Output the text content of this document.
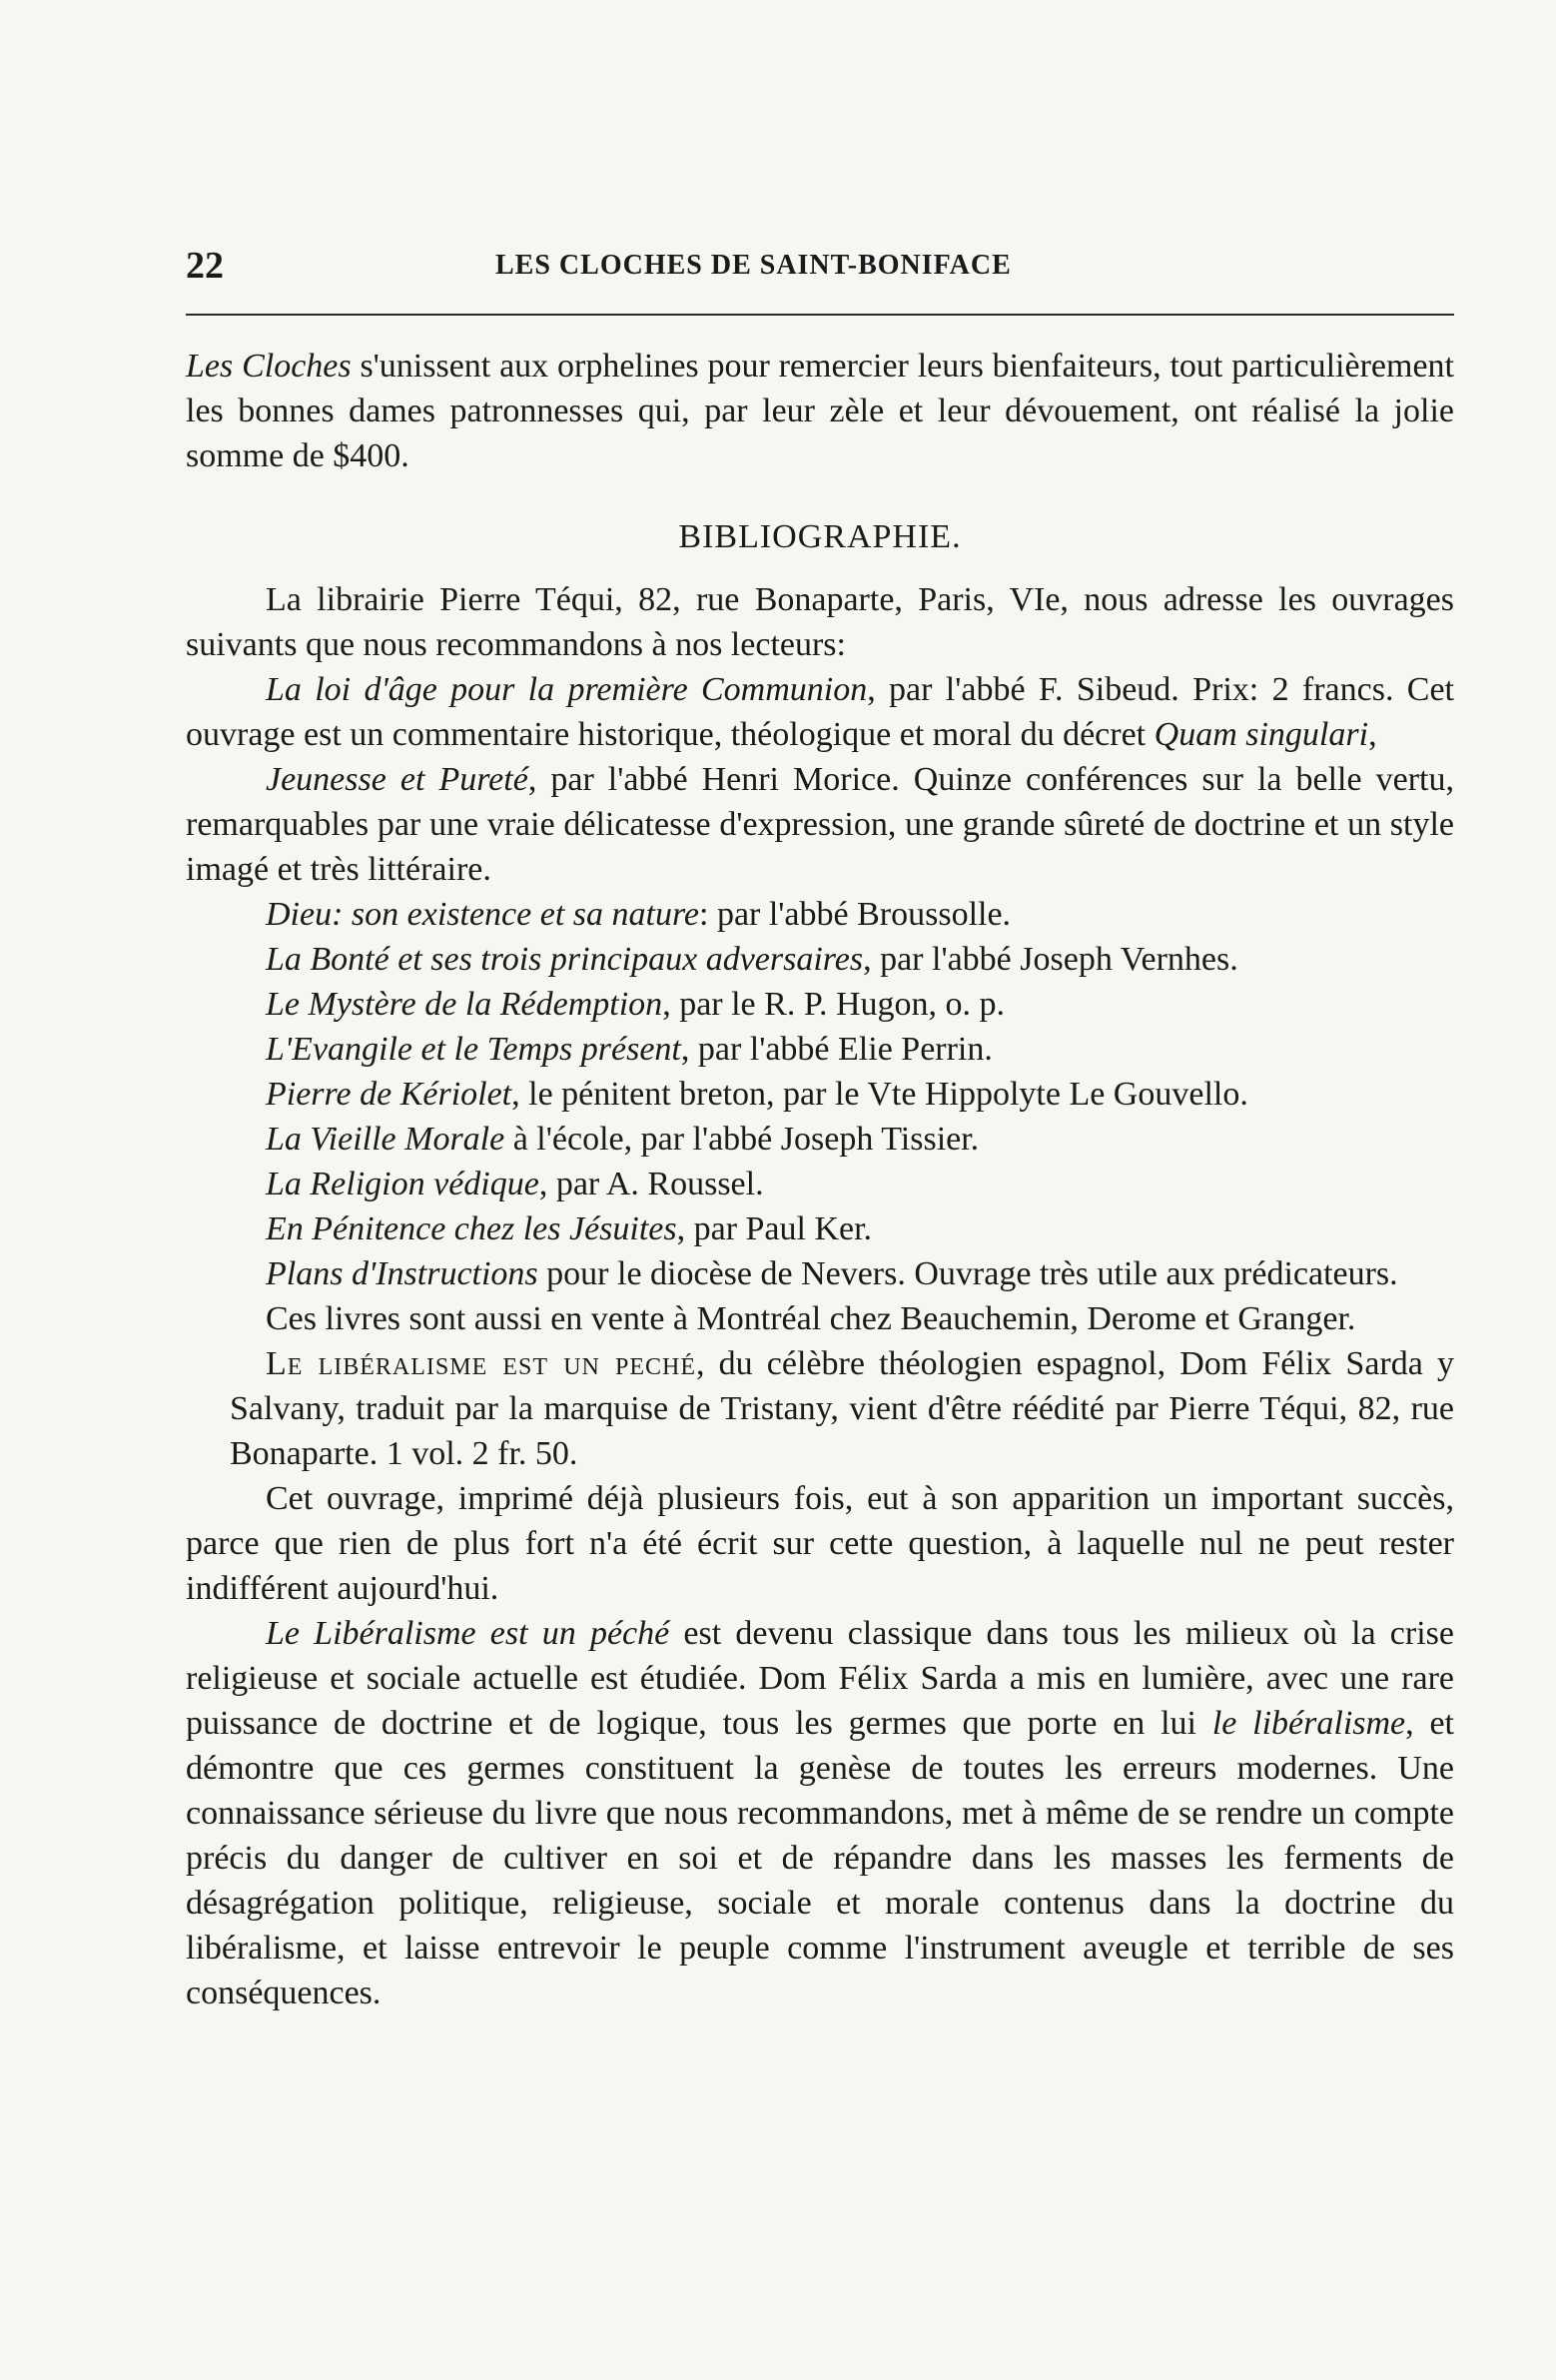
22	LES CLOCHES DE SAINT-BONIFACE

Les Cloches s'unissent aux orphelines pour remercier leurs bienfaiteurs, tout particulièrement les bonnes dames patronnesses qui, par leur zèle et leur dévouement, ont réalisé la jolie somme de $400.

BIBLIOGRAPHIE.

La librairie Pierre Téqui, 82, rue Bonaparte, Paris, VIe, nous adresse les ouvrages suivants que nous recommandons à nos lecteurs:

La loi d'âge pour la première Communion, par l'abbé F. Sibeud. Prix: 2 francs. Cet ouvrage est un commentaire historique, théologique et moral du décret Quam singulari,

Jeunesse et Pureté, par l'abbé Henri Morice. Quinze conférences sur la belle vertu, remarquables par une vraie délicatesse d'expression, une grande sûreté de doctrine et un style imagé et très littéraire.

Dieu: son existence et sa nature: par l'abbé Broussolle.

La Bonté et ses trois principaux adversaires, par l'abbé Joseph Vernhes.

Le Mystère de la Rédemption, par le R. P. Hugon, o. p.

L'Evangile et le Temps présent, par l'abbé Elie Perrin.

Pierre de Kériolet, le pénitent breton, par le Vte Hippolyte Le Gouvello.

La Vieille Morale à l'école, par l'abbé Joseph Tissier.

La Religion védique, par A. Roussel.

En Pénitence chez les Jésuites, par Paul Ker.

Plans d'Instructions pour le diocèse de Nevers. Ouvrage très utile aux prédicateurs.

Ces livres sont aussi en vente à Montréal chez Beauchemin, Derome et Granger.

Le libéralisme est un peché, du célèbre théologien espagnol, Dom Félix Sarda y Salvany, traduit par la marquise de Tristany, vient d'être réédité par Pierre Téqui, 82, rue Bonaparte. 1 vol. 2 fr. 50.

Cet ouvrage, imprimé déjà plusieurs fois, eut à son apparition un important succès, parce que rien de plus fort n'a été écrit sur cette question, à laquelle nul ne peut rester indifférent aujourd'hui.

Le Libéralisme est un péché est devenu classique dans tous les milieux où la crise religieuse et sociale actuelle est étudiée. Dom Félix Sarda a mis en lumière, avec une rare puissance de doctrine et de logique, tous les germes que porte en lui le libéralisme, et démontre que ces germes constituent la genèse de toutes les erreurs modernes. Une connaissance sérieuse du livre que nous recommandons, met à même de se rendre un compte précis du danger de cultiver en soi et de répandre dans les masses les ferments de désagrégation politique, religieuse, sociale et morale contenus dans la doctrine du libéralisme, et laisse entrevoir le peuple comme l'instrument aveugle et terrible de ses conséquences.
